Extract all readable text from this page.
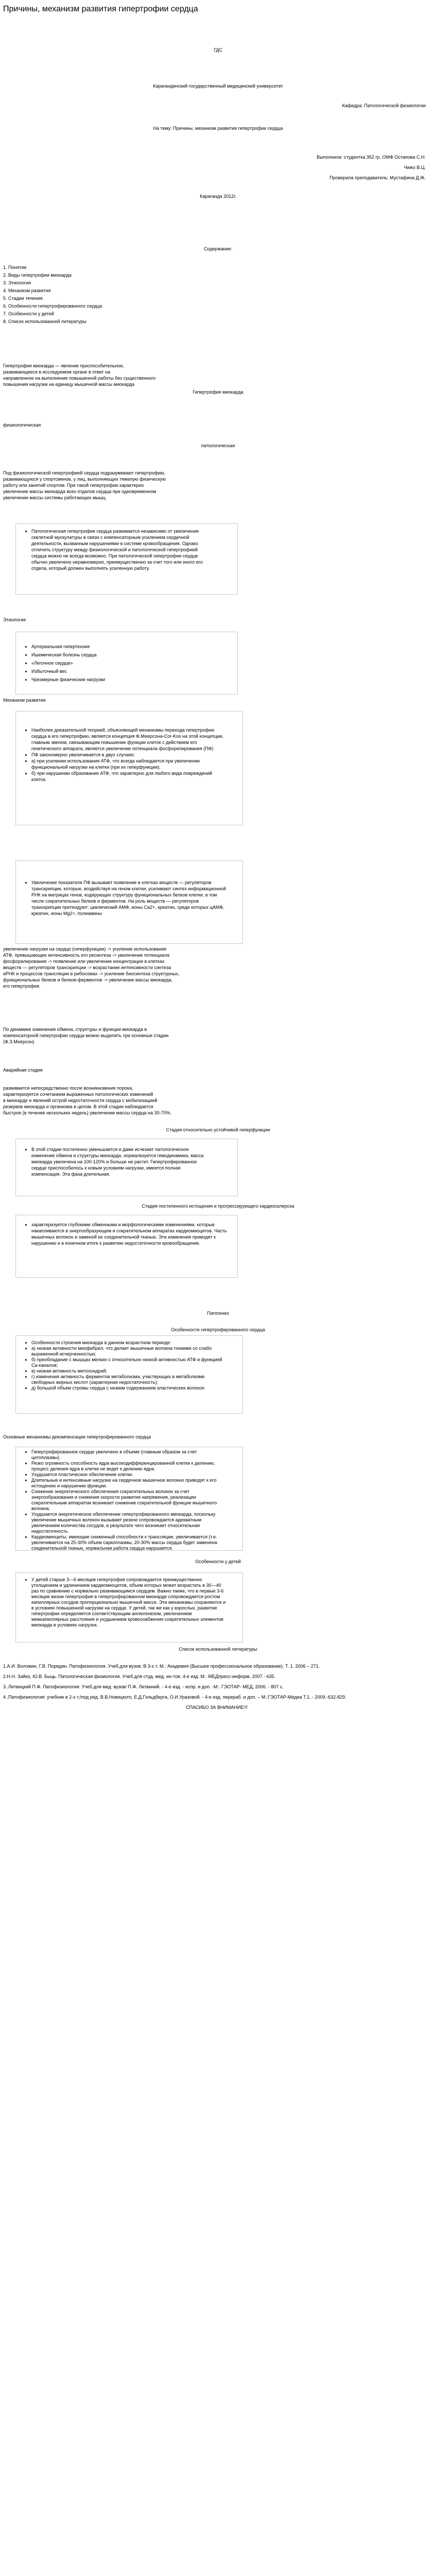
Причины, механизм развития гипертрофии сердца
ГДС
Карагандинский государственный медицинский университет
Кафедра: Патологической физиологии
На тему: Причины, механизм развития гипертрофии сердца
Выполнила: студентка 352 гр. ОМФ Остапова С.Н.
Чижо В.Ц.
Проверила преподаватель: Мустафина Д.Ж.
Караганда 2012г.
Содержание:
1. Понятие
2. Виды гипертрофии миокарда
3. Этиология
4. Механизм развития
5. Стадии течения
6. Особенности гипертрофированного сердца
7. Особенности у детей
8. Список использованной литературы
Гипертрофия миокарда — явление приспособительное,
развивающееся в исследуемом органе в ответ на
направленное на выполнение повышенной работы без существенного
повышения нагрузки на единицу мышечной массы миокарда
Гипертрофия миокарда
физиологическая
патологическая
Под физиологической гипертрофией сердца подразумевают гипертрофию,
развивающуюся у спортсменов, у лиц, выполняющих тяжелую физическую
работу или занятий спортом. При такой гипертрофии характерно
увеличение массы миокарда всех отделов сердца при одновременном
увеличении массы системы работающих мышц
• Патологическая гипертрофия сердца развивается независимо от увеличения скелетной мускулатуры в связи с компенсаторным усилением сердечной деятельности, вызванным нарушениями в системе кровообращения. Однако отличить структуру между физиологической и патологической гипертрофией сердца можно не всегда возможно. При патологической гипертрофии сердце обычно увеличено неравномерно, преимущественно за счет того или иного его отдела, который должен выполнять усиленную работу.
Этиология
• Артериальная гипертензия
• Ишемическая болезнь сердца
• «Легочное сердце»
• Избыточный вес
• Чрезмерные физические нагрузки
Механизм развития
• Наиболее доказательной теорией, объясняющей механизмы перехода гипертрофии сердца в его гипертрофию, является концепция Ф.Меерсона-Cоr-Kos на этой концепции, главным звеном, связывающим повышение функции клеток с действием его генетического аппарата, является увеличение потенциала фосфорилирования (ПФ)
• ПФ закономерно увеличивается в двух случаях:
• а) при усилении использования АТФ, что всегда наблюдается при увеличении функциональной нагрузки на клетки (при их гиперфункции);
• б) при нарушении образования АТФ, что характерно для любого вида повреждений клеток.
• Увеличение показателя ПФ вызывает появление в клетках веществ — регуляторов транскрипции, которые, воздействуя на геном клетки, усиливают синтез информационной РНК на матрицах генов, кодирующих структуру функциональных белков клетки, в том числе сократительных белков и ферментов. На роль веществ — регуляторов транскрипции претендуют: циклический АМФ, ионы Ca2+, креатин, среди которых цАМФ, креатин, ионы Mg2+, полиамины
увеличение нагрузки на сердце (гиперфункции) -> усиление использования
АТФ, превышающее интенсивность его ресинтеза -> увеличение потенциала
фосфорилирования -> появление или увеличение концентрации в клетках
веществ — регуляторов транскрипции -> возрастание интенсивности синтеза
иРНК и процессов трансляции в рибосомах -> усиление биосинтеза структурных,
функциональных белков и белков-ферментов -> увеличение массы миокарда,
его гипертрофия.
По динамике изменения обмена, структуры и функции миокарда в
компенсаторной гипертрофии сердца можно выделить три основные стадии
(Ф.З.Меерсон)
Аварийная стадия
развивается непосредственно после возникновения порока,
характеризуется сочетанием выраженных патологических изменений
в миокарде и явлений острой недостаточности сердца с мобилизацией
резервов миокарда и организма в целом. В этой стадии наблюдается
быстрое (в течение нескольких недель) увеличение массы сердца на 30-70%.
Стадия относительно устойчивой гиперфункции
• В этой стадии постепенно уменьшается и даже исчезает патологическое изменение обмена и структуры миокарда, нормализуется гемодинамика, масса миокарда увеличена на 100-120% и больше не растет. Гипертрофированное сердце приспособилось к новым условиям нагрузки, имеется полная компенсация. Эта фаза длительная.
Стадия постепенного истощения и прогрессирующего кардиосклероза
• характеризуется глубокими обменными и морфологическими изменениями, которые накапливаются в энергообразующем и сократительном аппаратах кардиомиоцитов. Часть мышечных волокон и заменой их соединительной тканью. Эти изменения приводят к нарушению и в конечном итоге к развитию недостаточности кровообращения.
Патогенез
Особенности гипертрофированного сердца
• Особенности строения миокарда в данном возрастном периоде:
• а) низкая активности миофибрил, что делает мышечные волокна тонкими со слабо выраженной исчерченностью;
• б) преобладание с мышцах мелких с относительно низкой активностью АТФ и функцией Ca-каналов;
• в) низкая активность митохондрий;
• г) изменения активность ферментов метаболизма, участвующих в метаболизме свободных жирных кислот (характерная недостаточность);
• д) большой объем стромы сердца с низким содержанием эластических волокон
Основные механизмы декомпенсации гипертрофированного сердца
• Гипертрофированное сердце увеличено в объеме (главным образом за счет цитоплазмы).
• Резко огромность способность ядра высокодифференцированной клетки к делению, процесс деления ядра в клетке не ведет к делению ядра.
• Ухудшается пластическое обеспечение клетки.
• Длительные и интенсивные нагрузки на сердечное мышечное волокно приводят к его истощению и нарушению функции.
• Снижение энергетического обеспечения сократительных волокон за счет энергообразования и снижения скорости развития напряжения, реализации сократительным аппаратом возникает снижение сократительной функции мышечного волокна.
• Ухудшается энергетическое обеспечение гипертрофированного миокарда, поскольку увеличение мышечных волокон вызывает резкое сопровождается адекватным увеличением количества сосудов, в результате чего возникает относительная недостаточность.
• Кардиомиоциты, имеющие сниженный способности к трансляции, увеличивается (т.е. увеличивается на 25-30% объем саркоплазмы, 20-30% массы сердца будет заменена соединительной тканью, нормальная работа сердца нарушается.
Особенности у детей
• У детей старше 3—6 месяцев гипертрофия сопровождается преимущественно утолщением и удлинением кардиомиоцитов, объем которых может возрастать в 30—40 раз по сравнению с нормально развивающимся сердцем. Важно также, что в первые 3-6 месяцев жизни гипертрофия в гипертрофированном миокарде сопровождается ростом капиллярных сосудов пропорционально мышечной массе. Эти механизмы сохраняются и в условиях повышенной нагрузки на сердце. У детей, так же как у взрослых, развитие гипертрофии определяется соответствующим ангиогенезом, увеличением межкапиллярных расстояния и ухудшением кровоснабжения сократительных элементов миокарда в условиях нагрузок.
Список использованной литературы
1.А.И. Воложин, Г.В. Порядин. Патофизиология. Учеб.для вузов: В 3-х т. М.: Академия (Высшее профессиональное образование). Т. 1. 2006 – 271.
2.Н.Н. Зайко, Ю.В. Быць. Патологическая физиология. Учеб.для студ. мед. ин-тов. 4-е изд. М.: МЕДпресс-информ, 2007 - 635.
3..Литвицкий П.Ф. Патофизиология: Учеб.для мед. вузов/ П.Ф. Литвиний. - 4-е изд. - испр. и доп. -М.: ГЭОТАР- МЕД, 2006. - 807 с.
4..Патофизиология: учебник в 2-х т./под ред. В.В.Новицкого, Е.Д.Гольдберга, О.И.Уразовой. - 4-е изд. перераб. и доп. – М.:ГЭОТАР-Медиа Т.1. - 2009.-632-829.
СПАСИБО ЗА ВНИМАНИЕ!!!
